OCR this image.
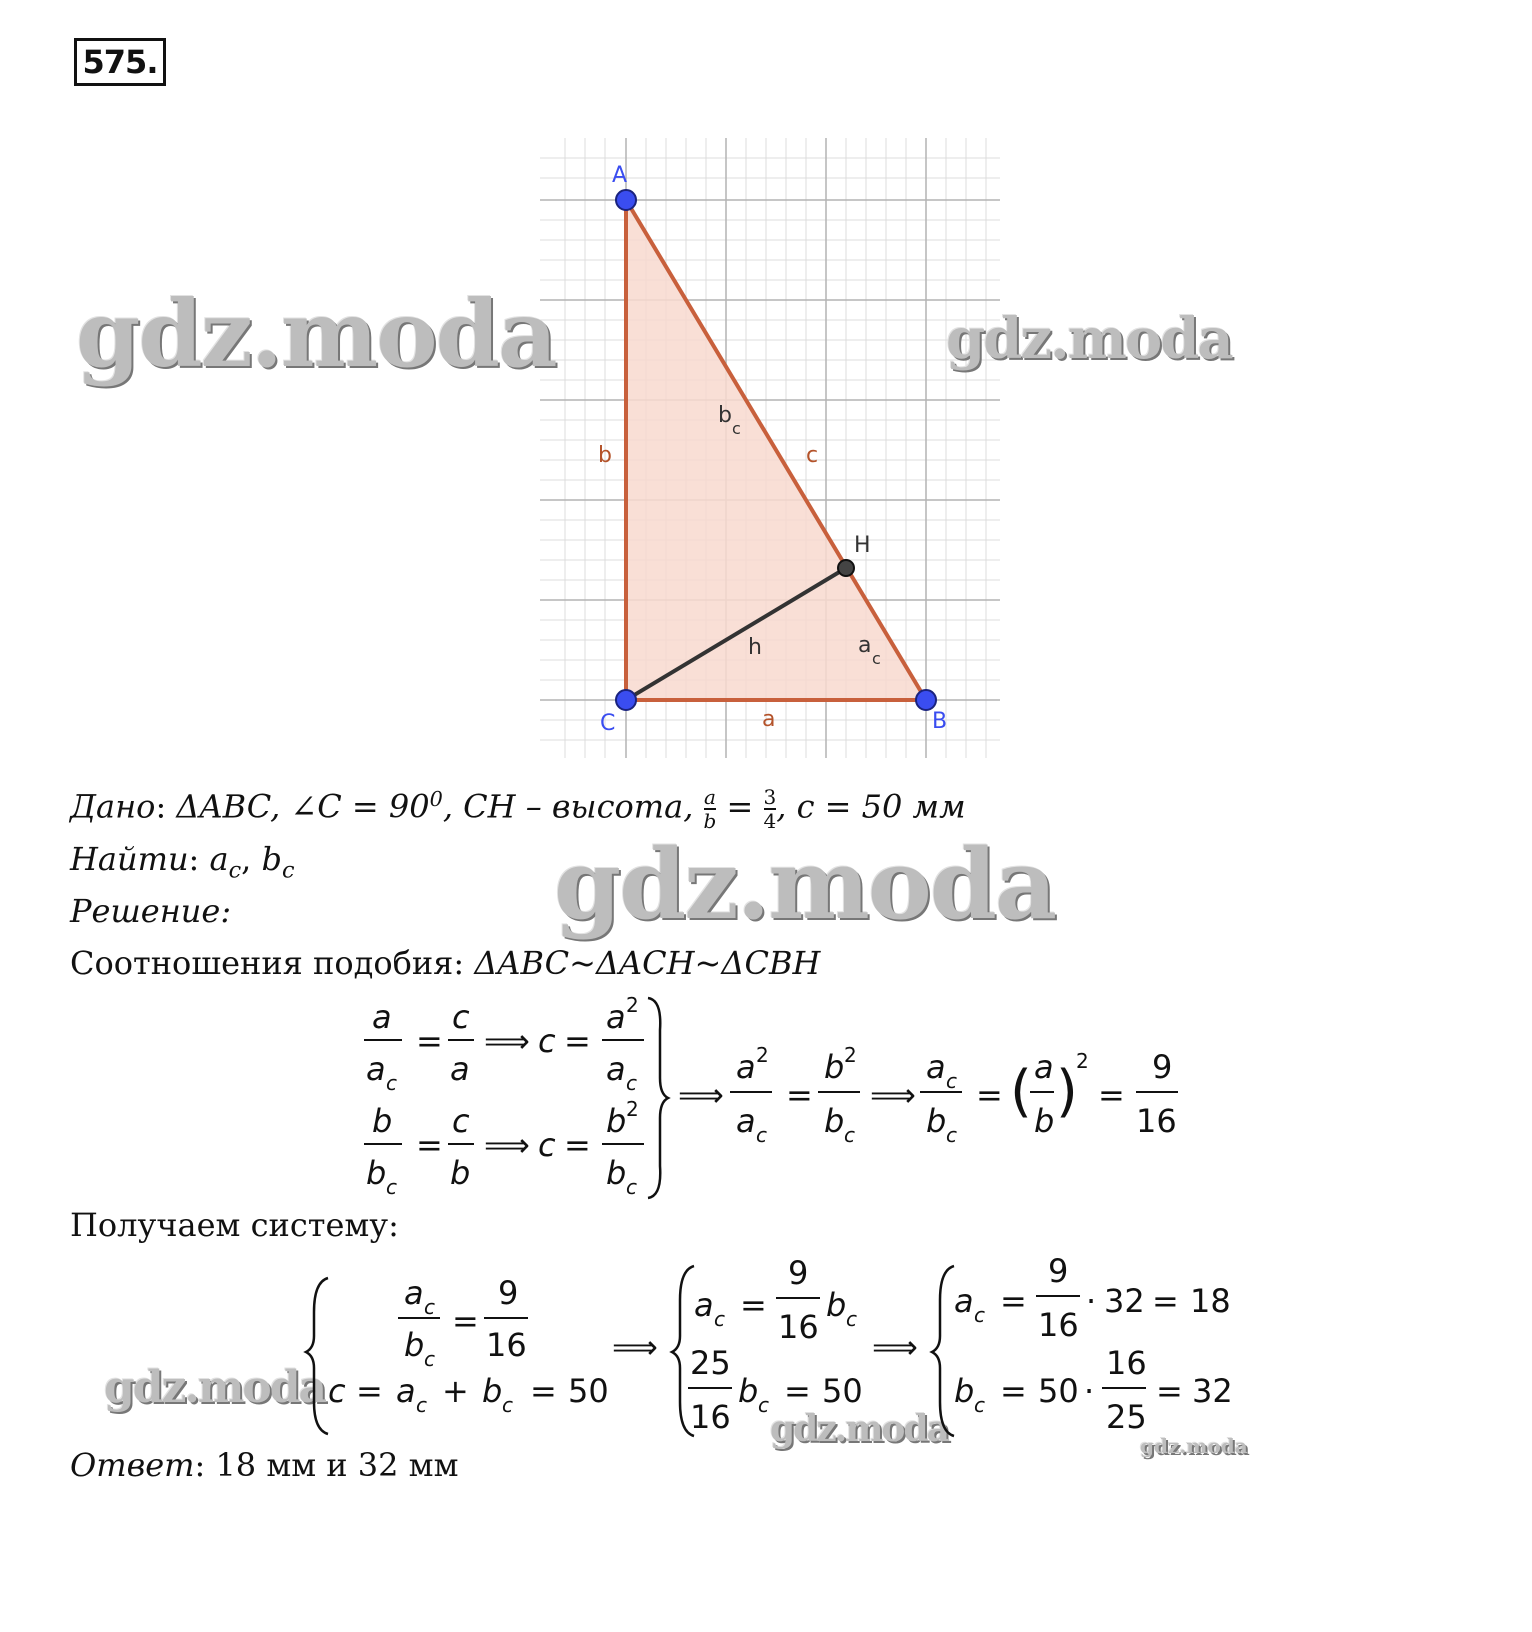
575.
A
C	B
H
b	c
a
h
b
c
a
c
gdz.moda	gdz.moda
gdz.moda
gdz.moda
gdz.moda	gdz.moda
Дано: ΔABC, ∠C = $90^0$, CH – высота, $\frac{a}{b} = \frac{3}{4}$ , c = 50 мм
Найти: $a_c$, $b_c$
Решение:
Соотношения подобия: ΔABC~ΔACH~ΔCBH
a
a c
=
c
a
⟹ c =
a 2
a c
b
b c
=
c
b
⟹ c =
b 2
b c
⟹
a 2
a c
=
b 2
b c
⟹
a c
b c
= ( a
b )
2
=
9
16
Получаем систему:
a c
b c
=
9
16
c = a c + b c = 50
⟹
a c =
9
16
b c
25
16
b c = 50
⟹
a c =
9
16
· 32 = 18
b c = 50 ·
16
25
= 32
Ответ: 18 мм и 32 мм
